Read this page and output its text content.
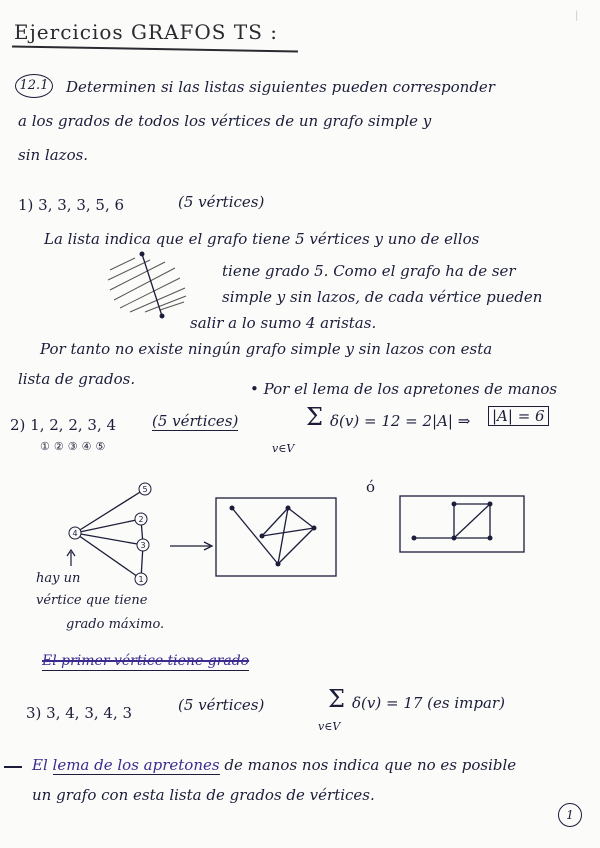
|
Ejercicios GRAFOS TS :
12.1	Determinen si las listas siguientes pueden corresponder
a los grados de todos los vértices de un grafo simple y
sin lazos.
1) 3, 3, 3, 5, 6	(5 vértices)
La lista indica que el grafo tiene 5 vértices y uno de ellos
tiene grado 5. Como el grafo ha de ser
simple y sin lazos, de cada vértice pueden
salir a lo sumo 4 aristas.
Por tanto no existe ningún grafo simple y sin lazos con esta
lista de grados.
• Por el lema de los apretones de manos
2) 1, 2, 2, 3, 4
①②③④⑤
(5 vértices)	Σ δ(v) = 12 = 2|A| ⇒ |A| = 6
v∈V
4
5
2
3
1
ó
hay un
vértice que tiene
grado máximo.
El primer vértice tiene grado
3) 3, 4, 3, 4, 3	(5 vértices)	Σ δ(v) = 17 (es impar)
v∈V
El lema de los apretones de manos nos indica que no es posible
un grafo con esta lista de grados de vértices.
1
